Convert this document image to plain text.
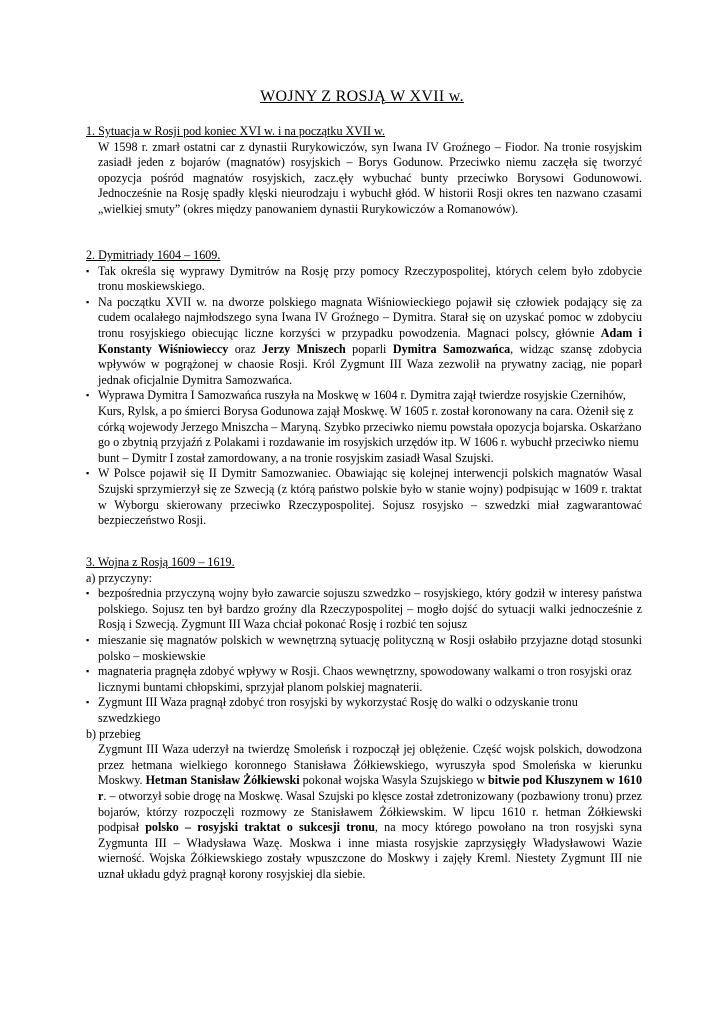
WOJNY Z ROSJĄ W XVII w.
1. Sytuacja w Rosji pod koniec XVI w. i na początku XVII w.
W 1598 r. zmarł ostatni car z dynastii Rurykowiczów, syn Iwana IV Groźnego – Fiodor. Na tronie rosyjskim zasiadł jeden z bojarów (magnatów) rosyjskich – Borys Godunow. Przeciwko niemu zaczęła się tworzyć opozycja pośród magnatów rosyjskich, zacz.ęły wybuchać bunty przeciwko Borysowi Godunowowi. Jednocześnie na Rosję spadły klęski nieurodzaju i wybuchł głód. W historii Rosji okres ten nazwano czasami „wielkiej smuty” (okres między panowaniem dynastii Rurykowiczów a Romanowów).
2. Dymitriady 1604 – 1609.
▪ Tak określa się wyprawy Dymitrów na Rosję przy pomocy Rzeczypospolitej, których celem było zdobycie tronu moskiewskiego.
▪ Na początku XVII w. na dworze polskiego magnata Wiśniowieckiego pojawił się człowiek podający się za cudem ocalałego najmłodszego syna Iwana IV Groźnego – Dymitra. Starał się on uzyskać pomoc w zdobyciu tronu rosyjskiego obiecując liczne korzyści w przypadku powodzenia. Magnaci polscy, głównie Adam i Konstanty Wiśniowieccy oraz Jerzy Mniszech poparli Dymitra Samozwańca, widząc szansę zdobycia wpływów w pogrążonej w chaosie Rosji. Król Zygmunt III Waza zezwolił na prywatny zaciąg, nie poparł jednak oficjalnie Dymitra Samozwańca.
▪ Wyprawa Dymitra I Samozwańca ruszyła na Moskwę w 1604 r. Dymitra zajął twierdze rosyjskie Czernihów, Kurs, Rylsk, a po śmierci Borysa Godunowa zajął Moskwę. W 1605 r. został koronowany na cara. Ożenił się z córką wojewody Jerzego Mniszcha – Maryną. Szybko przeciwko niemu powstała opozycja bojarska. Oskarżano go o zbytnią przyjaźń z Polakami i rozdawanie im rosyjskich urzędów itp. W 1606 r. wybuchł przeciwko niemu bunt – Dymitr I został zamordowany, a na tronie rosyjskim zasiadł Wasal Szujski.
▪ W Polsce pojawił się II Dymitr Samozwaniec. Obawiając się kolejnej interwencji polskich magnatów Wasal Szujski sprzymierzył się ze Szwecją (z którą państwo polskie było w stanie wojny) podpisując w 1609 r. traktat w Wyborgu skierowany przeciwko Rzeczypospolitej. Sojusz rosyjsko – szwedzki miał zagwarantować bezpieczeństwo Rosji.
3. Wojna z Rosją 1609 – 1619.
a) przyczyny:
▪ bezpośrednia przyczyną wojny było zawarcie sojuszu szwedzko – rosyjskiego, który godził w interesy państwa polskiego. Sojusz ten był bardzo groźny dla Rzeczypospolitej – mogło dojść do sytuacji walki jednocześnie z Rosją i Szwecją. Zygmunt III Waza chciał pokonać Rosję i rozbić ten sojusz
▪ mieszanie się magnatów polskich w wewnętrzną sytuację polityczną w Rosji osłabiło przyjazne dotąd stosunki polsko – moskiewskie
▪ magnateria pragnęła zdobyć wpływy w Rosji. Chaos wewnętrzny, spowodowany walkami o tron rosyjski oraz licznymi buntami chłopskimi, sprzyjał planom polskiej magnaterii.
▪ Zygmunt III Waza pragnął zdobyć tron rosyjski by wykorzystać Rosję do walki o odzyskanie tronu szwedzkiego
b) przebieg
Zygmunt III Waza uderzył na twierdzę Smoleńsk i rozpoczął jej oblężenie. Część wojsk polskich, dowodzona przez hetmana wielkiego koronnego Stanisława Żółkiewskiego, wyruszyła spod Smoleńska w kierunku Moskwy. Hetman Stanisław Żółkiewski pokonał wojska Wasyla Szujskiego w bitwie pod Kłuszynem w 1610 r. – otworzył sobie drogę na Moskwę. Wasal Szujski po klęsce został zdetronizowany (pozbawiony tronu) przez bojarów, którzy rozpoczęli rozmowy ze Stanisławem Żółkiewskim. W lipcu 1610 r. hetman Żółkiewski podpisał polsko – rosyjski traktat o sukcesji tronu, na mocy którego powołano na tron rosyjski syna Zygmunta III – Władysława Wazę. Moskwa i inne miasta rosyjskie zaprzysięgły Władysławowi Wazie wierność. Wojska Żółkiewskiego zostały wpuszczone do Moskwy i zajęły Kreml. Niestety Zygmunt III nie uznał układu gdyż pragnął korony rosyjskiej dla siebie.
